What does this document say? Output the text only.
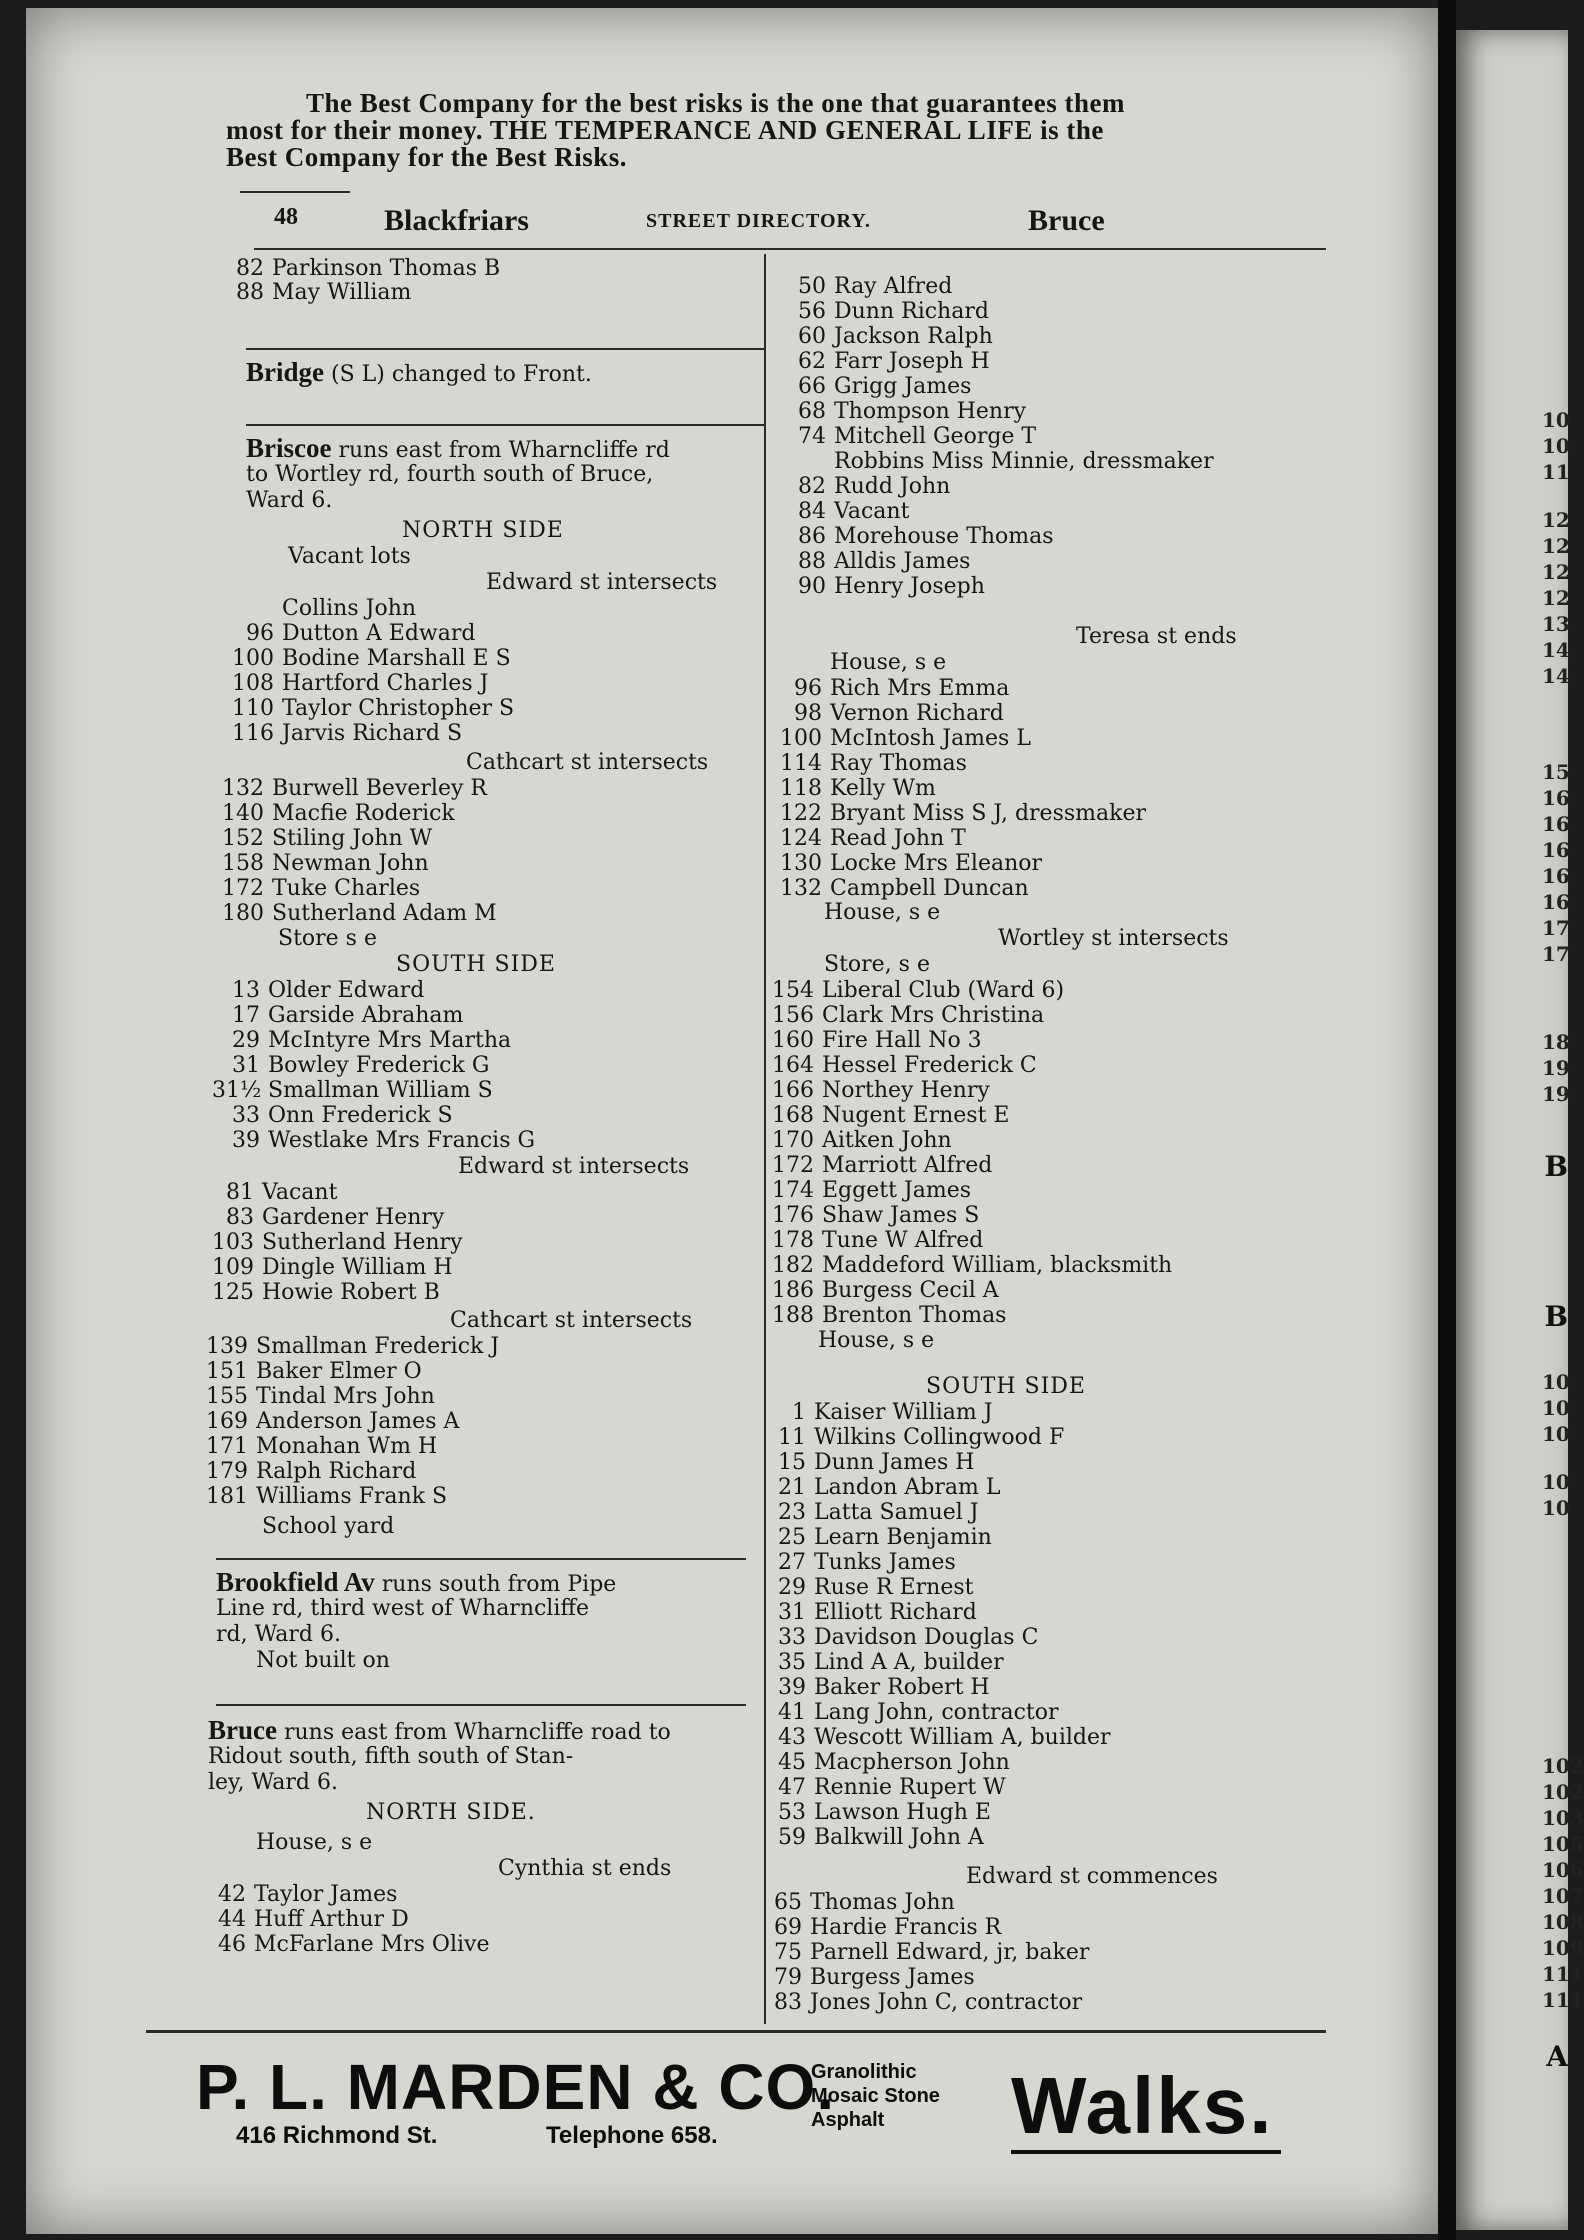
The Best Company for the best risks is the one that guarantees them
most for their money. THE TEMPERANCE AND GENERAL LIFE is the
Best Company for the Best Risks.
48	Blackfriars	STREET DIRECTORY.	Bruce
82 Parkinson Thomas B
88 May William
Bridge (S L) changed to Front.
Briscoe runs east from Wharncliffe rd
to Wortley rd, fourth south of Bruce,
Ward 6.
NORTH SIDE
Vacant lots
Edward st intersects
Collins John
96 Dutton A Edward
100 Bodine Marshall E S
108 Hartford Charles J
110 Taylor Christopher S
116 Jarvis Richard S
Cathcart st intersects
132 Burwell Beverley R
140 Macfie Roderick
152 Stiling John W
158 Newman John
172 Tuke Charles
180 Sutherland Adam M
Store s e
SOUTH SIDE
13 Older Edward
17 Garside Abraham
29 McIntyre Mrs Martha
31 Bowley Frederick G
31½ Smallman William S
33 Onn Frederick S
39 Westlake Mrs Francis G
Edward st intersects
81 Vacant
83 Gardener Henry
103 Sutherland Henry
109 Dingle William H
125 Howie Robert B
Cathcart st intersects
139 Smallman Frederick J
151 Baker Elmer O
155 Tindal Mrs John
169 Anderson James A
171 Monahan Wm H
179 Ralph Richard
181 Williams Frank S
School yard
Brookfield Av runs south from Pipe
Line rd, third west of Wharncliffe
rd, Ward 6.
Not built on
Bruce runs east from Wharncliffe road to
Ridout south, fifth south of Stan-
ley, Ward 6.
NORTH SIDE.
House, s e
Cynthia st ends
42 Taylor James
44 Huff Arthur D
46 McFarlane Mrs Olive
50 Ray Alfred
56 Dunn Richard
60 Jackson Ralph
62 Farr Joseph H
66 Grigg James
68 Thompson Henry
74 Mitchell George T
Robbins Miss Minnie, dressmaker
82 Rudd John
84 Vacant
86 Morehouse Thomas
88 Alldis James
90 Henry Joseph
Teresa st ends
House, s e
96 Rich Mrs Emma
98 Vernon Richard
100 McIntosh James L
114 Ray Thomas
118 Kelly Wm
122 Bryant Miss S J, dressmaker
124 Read John T
130 Locke Mrs Eleanor
132 Campbell Duncan
House, s e
Wortley st intersects
Store, s e
154 Liberal Club (Ward 6)
156 Clark Mrs Christina
160 Fire Hall No 3
164 Hessel Frederick C
166 Northey Henry
168 Nugent Ernest E
170 Aitken John
172 Marriott Alfred
174 Eggett James
176 Shaw James S
178 Tune W Alfred
182 Maddeford William, blacksmith
186 Burgess Cecil A
188 Brenton Thomas
House, s e
SOUTH SIDE
1 Kaiser William J
11 Wilkins Collingwood F
15 Dunn James H
21 Landon Abram L
23 Latta Samuel J
25 Learn Benjamin
27 Tunks James
29 Ruse R Ernest
31 Elliott Richard
33 Davidson Douglas C
35 Lind A A, builder
39 Baker Robert H
41 Lang John, contractor
43 Wescott William A, builder
45 Macpherson John
47 Rennie Rupert W
53 Lawson Hugh E
59 Balkwill John A
Edward st commences
65 Thomas John
69 Hardie Francis R
75 Parnell Edward, jr, baker
79 Burgess James
83 Jones John C, contractor
P. L. MARDEN & CO.
416 Richmond St.	Telephone 658.
Granolithic
Mosaic Stone
Asphalt	Walks.
10
10
11
12
12
12
12
13
14
14
15
16
16
16
16
16
17
17
18
19
19
10
10
10
10
10
102
102
103
105
106
107
108
109
111
111
B
B
A
